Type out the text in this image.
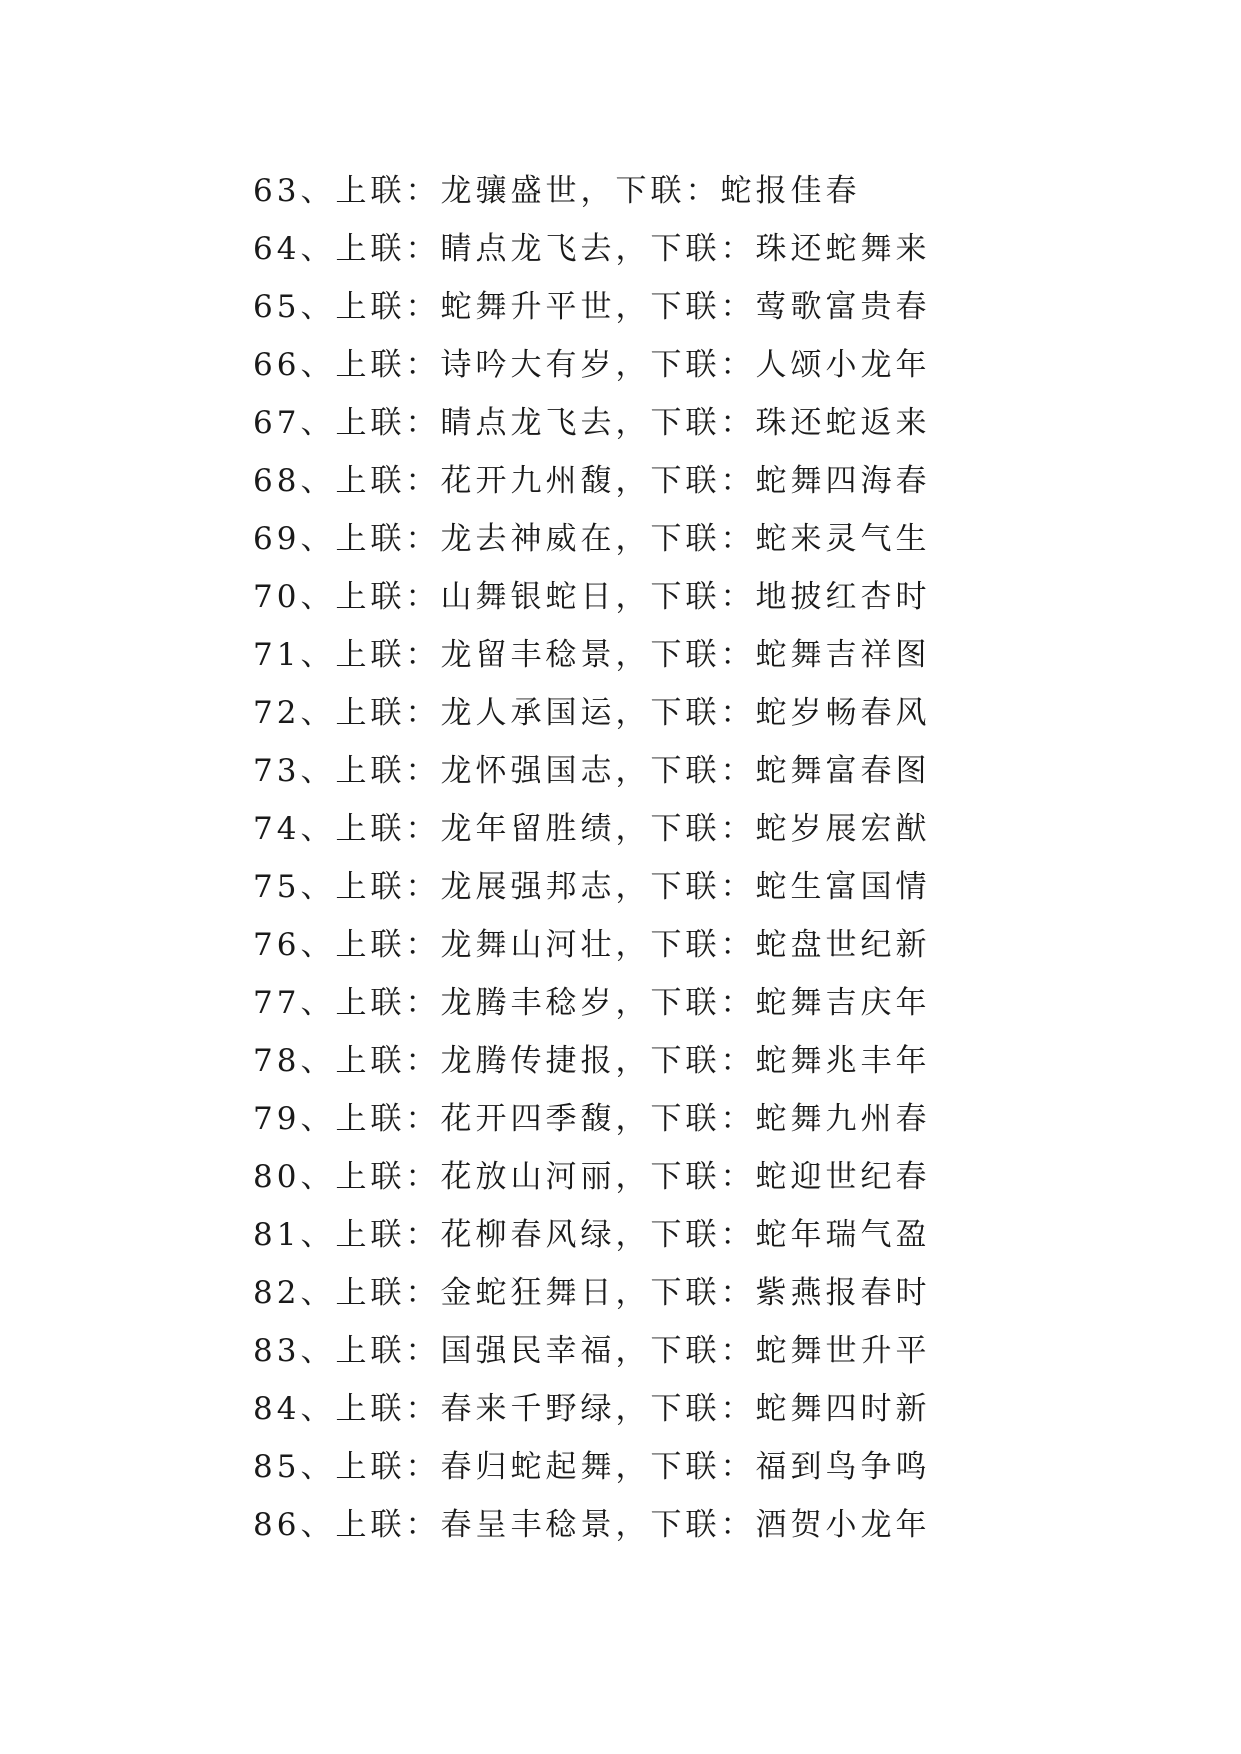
63、上联：龙骧盛世，下联：蛇报佳春
64、上联：睛点龙飞去，下联：珠还蛇舞来
65、上联：蛇舞升平世，下联：莺歌富贵春
66、上联：诗吟大有岁，下联：人颂小龙年
67、上联：睛点龙飞去，下联：珠还蛇返来
68、上联：花开九州馥，下联：蛇舞四海春
69、上联：龙去神威在，下联：蛇来灵气生
70、上联：山舞银蛇日，下联：地披红杏时
71、上联：龙留丰稔景，下联：蛇舞吉祥图
72、上联：龙人承国运，下联：蛇岁畅春风
73、上联：龙怀强国志，下联：蛇舞富春图
74、上联：龙年留胜绩，下联：蛇岁展宏猷
75、上联：龙展强邦志，下联：蛇生富国情
76、上联：龙舞山河壮，下联：蛇盘世纪新
77、上联：龙腾丰稔岁，下联：蛇舞吉庆年
78、上联：龙腾传捷报，下联：蛇舞兆丰年
79、上联：花开四季馥，下联：蛇舞九州春
80、上联：花放山河丽，下联：蛇迎世纪春
81、上联：花柳春风绿，下联：蛇年瑞气盈
82、上联：金蛇狂舞日，下联：紫燕报春时
83、上联：国强民幸福，下联：蛇舞世升平
84、上联：春来千野绿，下联：蛇舞四时新
85、上联：春归蛇起舞，下联：福到鸟争鸣
86、上联：春呈丰稔景，下联：酒贺小龙年
